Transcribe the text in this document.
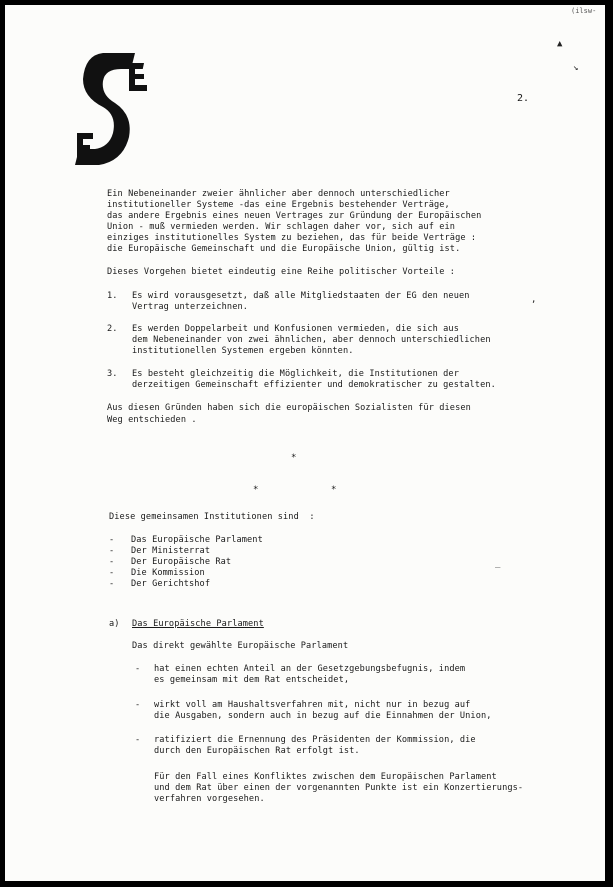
2.
(ilsw-
Ein Nebeneinander zweier ähnlicher aber dennoch unterschiedlicher
institutioneller Systeme -das eine Ergebnis bestehender Verträge,
das andere Ergebnis eines neuen Vertrages zur Gründung der Europäischen
Union - muß vermieden werden. Wir schlagen daher vor, sich auf ein
einziges institutionelles System zu beziehen, das für beide Verträge :
die Europäische Gemeinschaft und die Europäische Union, gültig ist.
Dieses Vorgehen bietet eindeutig eine Reihe politischer Vorteile :
1. Es wird vorausgesetzt, daß alle Mitgliedstaaten der EG den neuen
Vertrag unterzeichnen.
2. Es werden Doppelarbeit und Konfusionen vermieden, die sich aus
dem Nebeneinander von zwei ähnlichen, aber dennoch unterschiedlichen
institutionellen Systemen ergeben könnten.
3. Es besteht gleichzeitig die Möglichkeit, die Institutionen der
derzeitigen Gemeinschaft effizienter und demokratischer zu gestalten.
Aus diesen Gründen haben sich die europäischen Sozialisten für diesen
Weg entschieden .
*
*	*
Diese gemeinsamen Institutionen sind  :
- Das Europäische Parlament
- Der Ministerrat
- Der Europäische Rat
- Die Kommission
- Der Gerichtshof
a) Das Europäische Parlament
Das direkt gewählte Europäische Parlament
- hat einen echten Anteil an der Gesetzgebungsbefugnis, indem
es gemeinsam mit dem Rat entscheidet,
- wirkt voll am Haushaltsverfahren mit, nicht nur in bezug auf
die Ausgaben, sondern auch in bezug auf die Einnahmen der Union,
- ratifiziert die Ernennung des Präsidenten der Kommission, die
durch den Europäischen Rat erfolgt ist.
Für den Fall eines Konfliktes zwischen dem Europäischen Parlament
und dem Rat über einen der vorgenannten Punkte ist ein Konzertierungs-
verfahren vorgesehen.
▲
↘
,
‾
